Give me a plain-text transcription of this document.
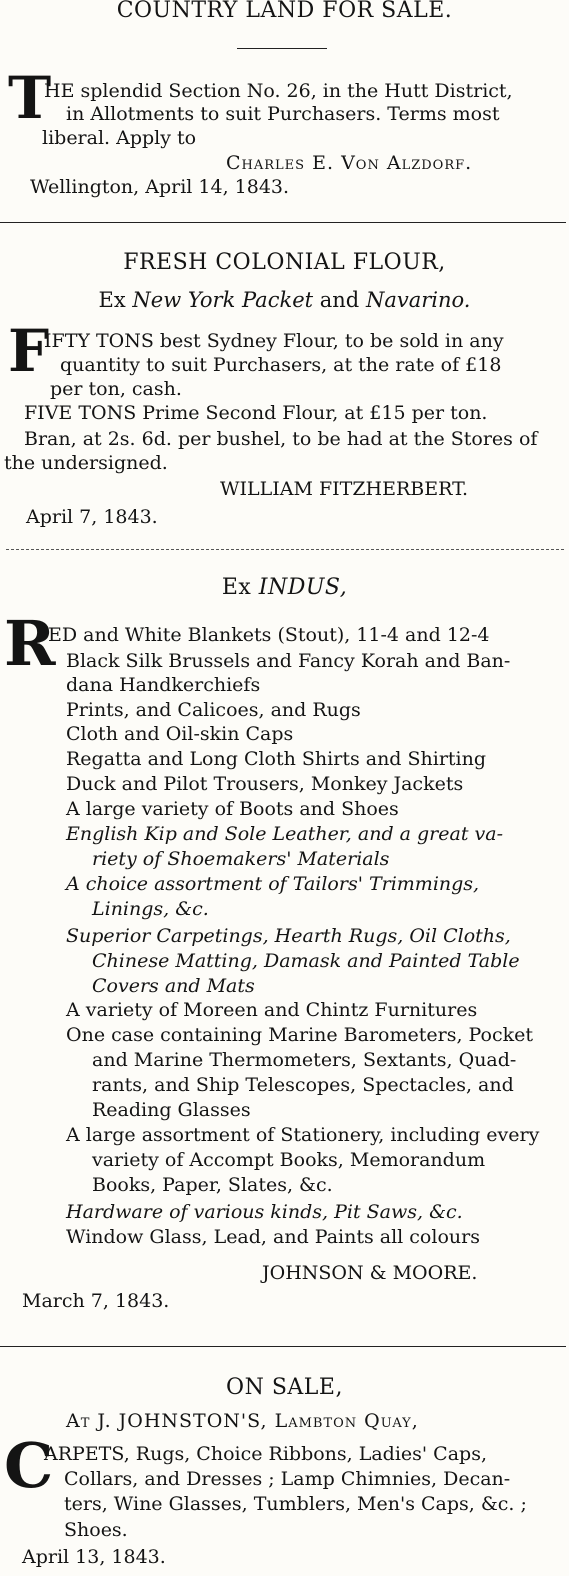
COUNTRY LAND FOR SALE.
T
HE splendid Section No. 26, in the Hutt District,
in Allotments to suit Purchasers. Terms most
liberal. Apply to
Charles E. Von Alzdorf.
Wellington, April 14, 1843.
FRESH COLONIAL FLOUR,
Ex New York Packet and Navarino.
F
IFTY TONS best Sydney Flour, to be sold in any
quantity to suit Purchasers, at the rate of £18
per ton, cash.
FIVE TONS Prime Second Flour, at £15 per ton.
Bran, at 2s. 6d. per bushel, to be had at the Stores of
the undersigned.
WILLIAM FITZHERBERT.
April 7, 1843.
Ex INDUS,
R
ED and White Blankets (Stout), 11-4 and 12-4
Black Silk Brussels and Fancy Korah and Ban-
dana Handkerchiefs
Prints, and Calicoes, and Rugs
Cloth and Oil-skin Caps
Regatta and Long Cloth Shirts and Shirting
Duck and Pilot Trousers, Monkey Jackets
A large variety of Boots and Shoes
English Kip and Sole Leather, and a great va-
riety of Shoemakers' Materials
A choice assortment of Tailors' Trimmings,
Linings, &c.
Superior Carpetings, Hearth Rugs, Oil Cloths,
Chinese Matting, Damask and Painted Table
Covers and Mats
A variety of Moreen and Chintz Furnitures
One case containing Marine Barometers, Pocket
and Marine Thermometers, Sextants, Quad-
rants, and Ship Telescopes, Spectacles, and
Reading Glasses
A large assortment of Stationery, including every
variety of Accompt Books, Memorandum
Books, Paper, Slates, &c.
Hardware of various kinds, Pit Saws, &c.
Window Glass, Lead, and Paints all colours
JOHNSON & MOORE.
March 7, 1843.
ON SALE,
At J. JOHNSTON'S, Lambton Quay,
C
ARPETS, Rugs, Choice Ribbons, Ladies' Caps,
Collars, and Dresses ; Lamp Chimnies, Decan-
ters, Wine Glasses, Tumblers, Men's Caps, &c. ;
Shoes.
April 13, 1843.
